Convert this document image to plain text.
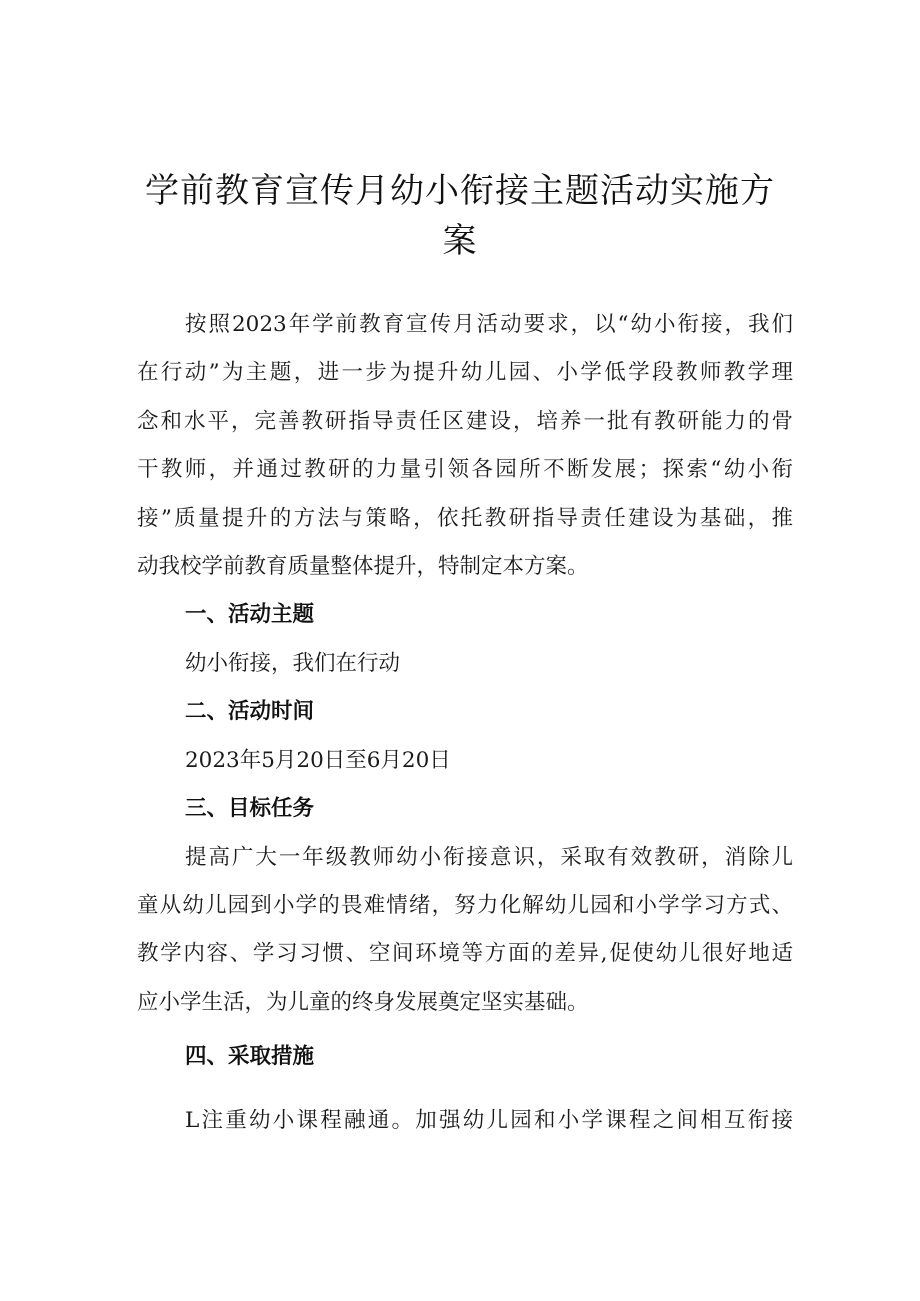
学前教育宣传月幼小衔接主题活动实施方
案

按照2023年学前教育宣传月活动要求，以“幼小衔接，我们

在行动”为主题，进一步为提升幼儿园、小学低学段教师教学理

念和水平，完善教研指导责任区建设，培养一批有教研能力的骨

干教师，并通过教研的力量引领各园所不断发展；探索“幼小衔

接”质量提升的方法与策略，依托教研指导责任建设为基础，推

动我校学前教育质量整体提升，特制定本方案。

一、活动主题

幼小衔接，我们在行动

二、活动时间

2023年5月20日至6月20日

三、目标任务

提高广大一年级教师幼小衔接意识，采取有效教研，消除儿

童从幼儿园到小学的畏难情绪，努力化解幼儿园和小学学习方式、

教学内容、学习习惯、空间环境等方面的差异,促使幼儿很好地适

应小学生活，为儿童的终身发展奠定坚实基础。

四、采取措施

L注重幼小课程融通。加强幼儿园和小学课程之间相互衔接
